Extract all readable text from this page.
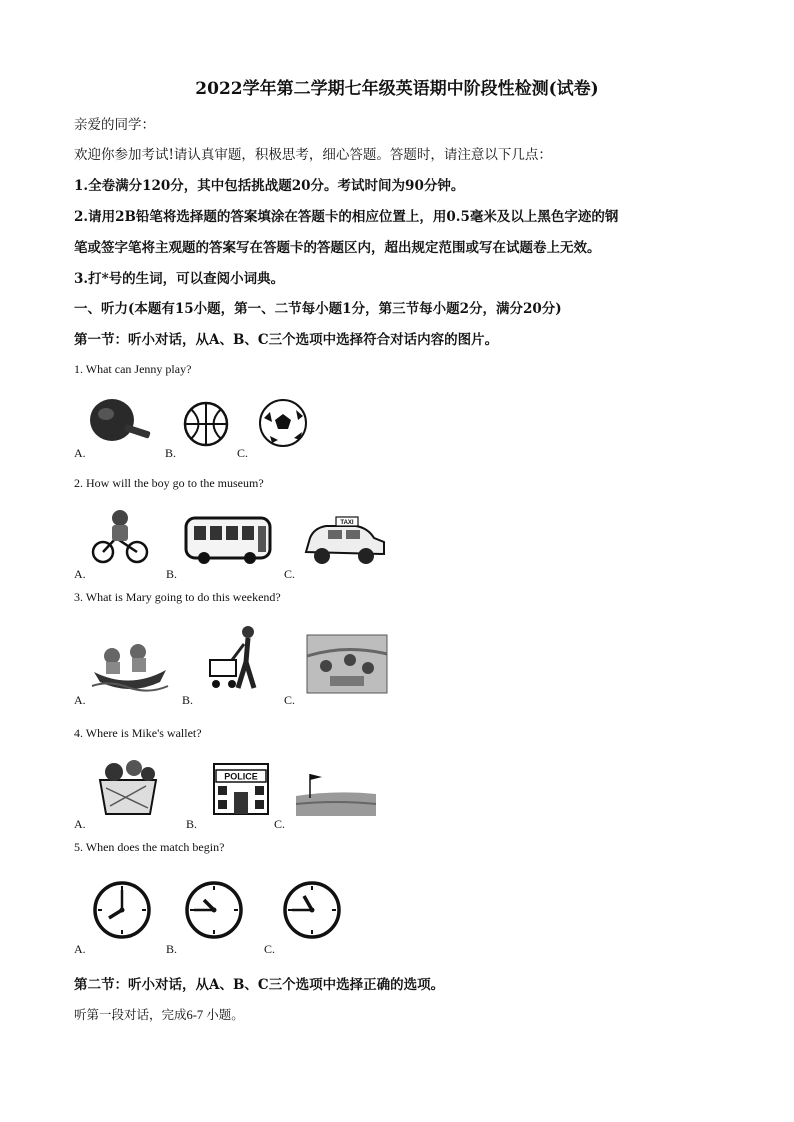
2022学年第二学期七年级英语期中阶段性检测(试卷)
亲爱的同学：
欢迎你参加考试!请认真审题，积极思考，细心答题。答题时，请注意以下几点：
1.全卷满分120分，其中包括挑战题20分。考试时间为90分钟。
2.请用2B铅笔将选择题的答案填涂在答题卡的相应位置上，用0.5毫米及以上黑色字迹的钢
笔或签字笔将主观题的答案写在答题卡的答题区内，超出规定范围或写在试题卷上无效。
3.打*号的生词，可以查阅小词典。
一、听力(本题有15小题，第一、二节每小题1分，第三节每小题2分，满分20分)
第一节：听小对话，从A、B、C三个选项中选择符合对话内容的图片。
1. What can Jenny play?
A.	B.	C.
2. How will the boy go to the museum?
TAXI
A.	B.	C.
3. What is Mary going to do this weekend?
A.	B.	C.
4. Where is Mike's wallet?
POLICE
A.	B.	C.
5. When does the match begin?
A.	B.	C.
第二节：听小对话，从A、B、C三个选项中选择正确的选项。
听第一段对话，完成6-7 小题。
